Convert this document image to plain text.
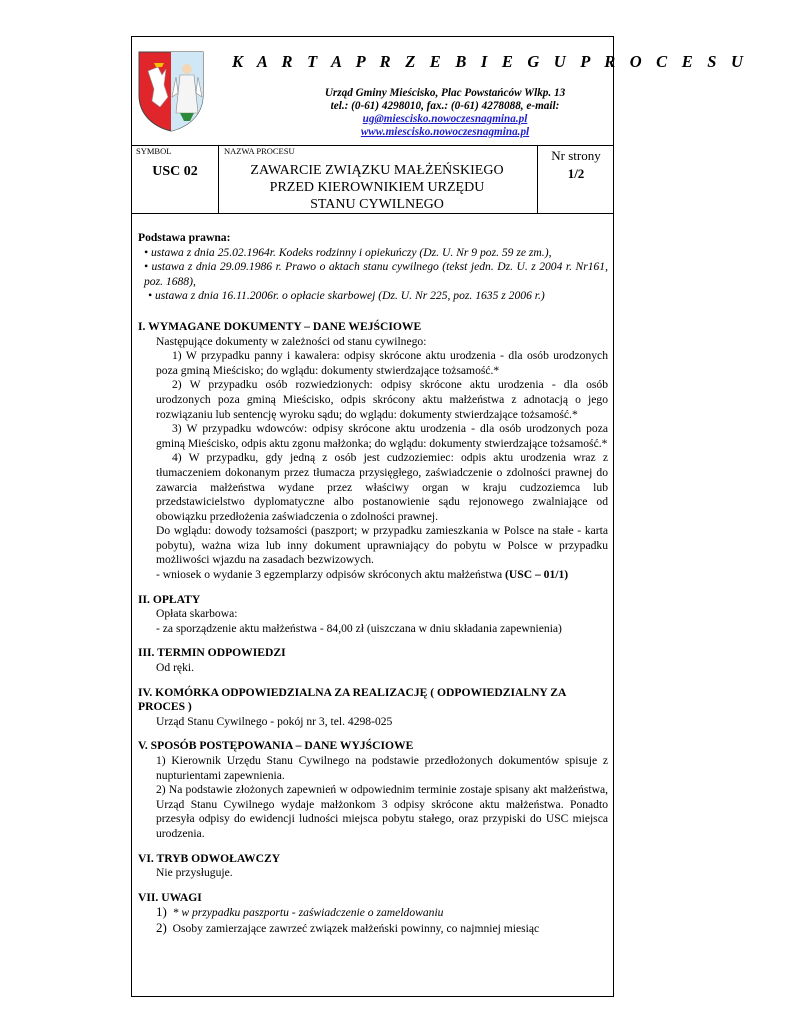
K A R T A P R Z E B I E G U P R O C E S U
Urząd Gminy Mieścisko, Plac Powstańców Wlkp. 13
tel.: (0-61) 4298010, fax.: (0-61) 4278088, e-mail:
ug@miescisko.nowoczesnagmina.pl
www.miescisko.nowoczesnagmina.pl
SYMBOL
USC 02
NAZWA PROCESU
ZAWARCIE ZWIĄZKU MAŁŻEŃSKIEGO
PRZED KIEROWNIKIEM URZĘDU
STANU CYWILNEGO
Nr strony
1/2

Podstawa prawna:

• ustawa z dnia 25.02.1964r. Kodeks rodzinny i opiekuńczy (Dz. U. Nr 9 poz. 59 ze zm.),

• ustawa z dnia 29.09.1986 r. Prawo o aktach stanu cywilnego (tekst jedn. Dz. U. z 2004 r. Nr161, poz. 1688),

• ustawa z dnia 16.11.2006r. o opłacie skarbowej (Dz. U. Nr 225, poz. 1635 z 2006 r.)

I. WYMAGANE DOKUMENTY – DANE WEJŚCIOWE

Następujące dokumenty w zależności od stanu cywilnego:

1) W przypadku panny i kawalera: odpisy skrócone aktu urodzenia - dla osób urodzonych poza gminą Mieścisko; do wglądu: dokumenty stwierdzające tożsamość.*

2) W przypadku osób rozwiedzionych: odpisy skrócone aktu urodzenia - dla osób urodzonych poza gminą Mieścisko, odpis skrócony aktu małżeństwa z adnotacją o jego rozwiązaniu lub sentencję wyroku sądu; do wglądu: dokumenty stwierdzające tożsamość.*

3) W przypadku wdowców: odpisy skrócone aktu urodzenia - dla osób urodzonych poza gminą Mieścisko, odpis aktu zgonu małżonka; do wglądu: dokumenty stwierdzające tożsamość.*

4) W przypadku, gdy jedną z osób jest cudzoziemiec: odpis aktu urodzenia wraz z tłumaczeniem dokonanym przez tłumacza przysięgłego, zaświadczenie o zdolności prawnej do zawarcia małżeństwa wydane przez właściwy organ w kraju cudzoziemca lub przedstawicielstwo dyplomatyczne albo postanowienie sądu rejonowego zwalniające od obowiązku przedłożenia zaświadczenia o zdolności prawnej.

Do wglądu: dowody tożsamości (paszport; w przypadku zamieszkania w Polsce na stałe - karta pobytu), ważna wiza lub inny dokument uprawniający do pobytu w Polsce w przypadku możliwości wjazdu na zasadach bezwizowych.

- wniosek o wydanie 3 egzemplarzy odpisów skróconych aktu małżeństwa (USC – 01/1)

II. OPŁATY

Opłata skarbowa:

- za sporządzenie aktu małżeństwa - 84,00 zł (uiszczana w dniu składania zapewnienia)

III. TERMIN ODPOWIEDZI

Od ręki.

IV. KOMÓRKA ODPOWIEDZIALNA ZA REALIZACJĘ ( ODPOWIEDZIALNY ZA PROCES )

Urząd Stanu Cywilnego - pokój nr 3, tel. 4298-025

V. SPOSÓB POSTĘPOWANIA – DANE WYJŚCIOWE

1) Kierownik Urzędu Stanu Cywilnego na podstawie przedłożonych dokumentów spisuje z nupturientami zapewnienia.

2) Na podstawie złożonych zapewnień w odpowiednim terminie zostaje spisany akt małżeństwa, Urząd Stanu Cywilnego wydaje małżonkom 3 odpisy skrócone aktu małżeństwa. Ponadto przesyła odpisy do ewidencji ludności miejsca pobytu stałego, oraz przypiski do USC miejsca urodzenia.

VI. TRYB ODWOŁAWCZY

Nie przysługuje.

VII. UWAGI

1) * w przypadku paszportu - zaświadczenie o zameldowaniu

2) Osoby zamierzające zawrzeć związek małżeński powinny, co najmniej miesiąc
